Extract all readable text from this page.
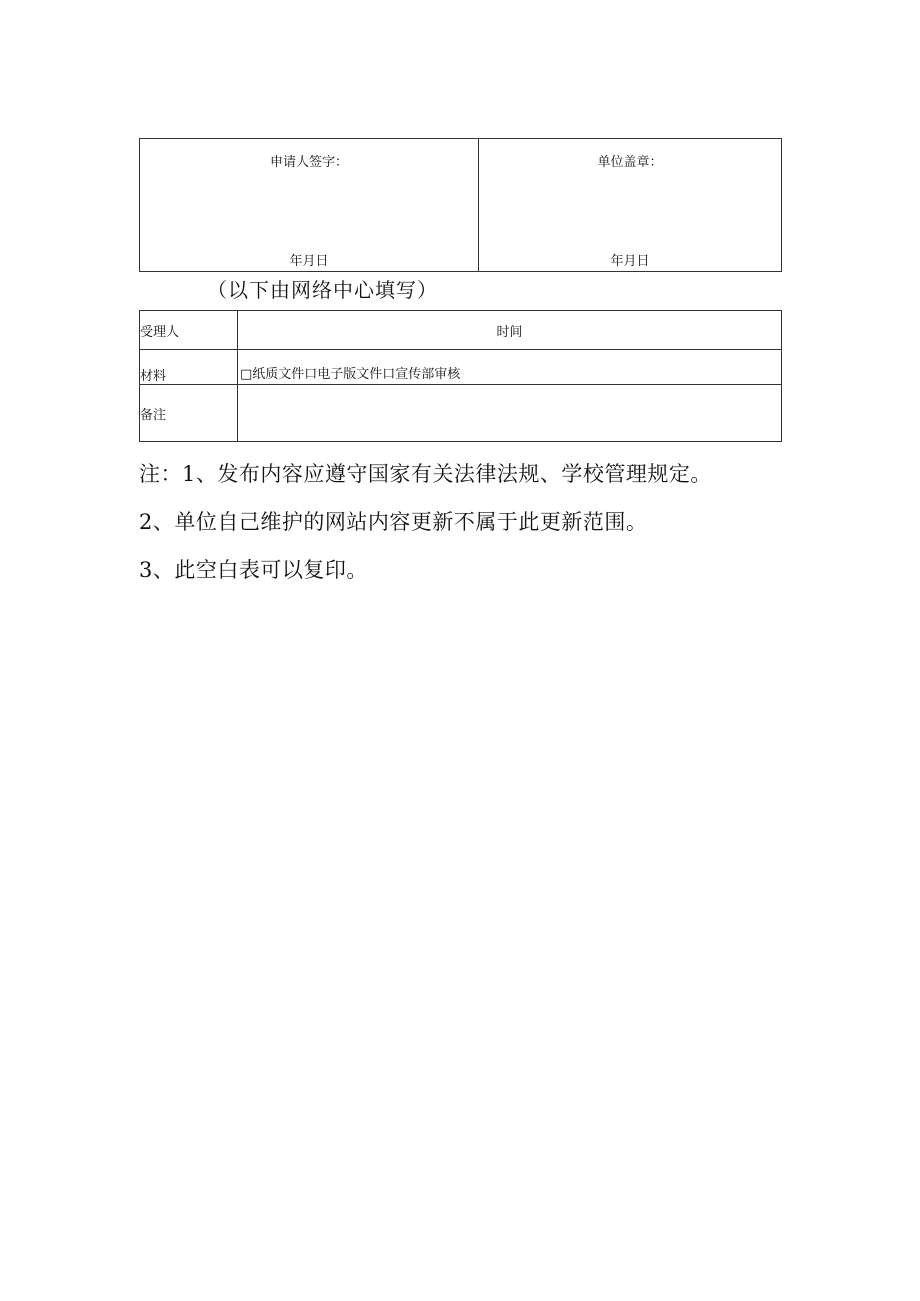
申请人签字：
年月日

单位盖章：
年月日
（以下由网络中心填写）
受理人	时间
材料	□纸质文件口电子版文件口宣传部审核
备注	
注：1、发布内容应遵守国家有关法律法规、学校管理规定。
2、单位自己维护的网站内容更新不属于此更新范围。
3、此空白表可以复印。
